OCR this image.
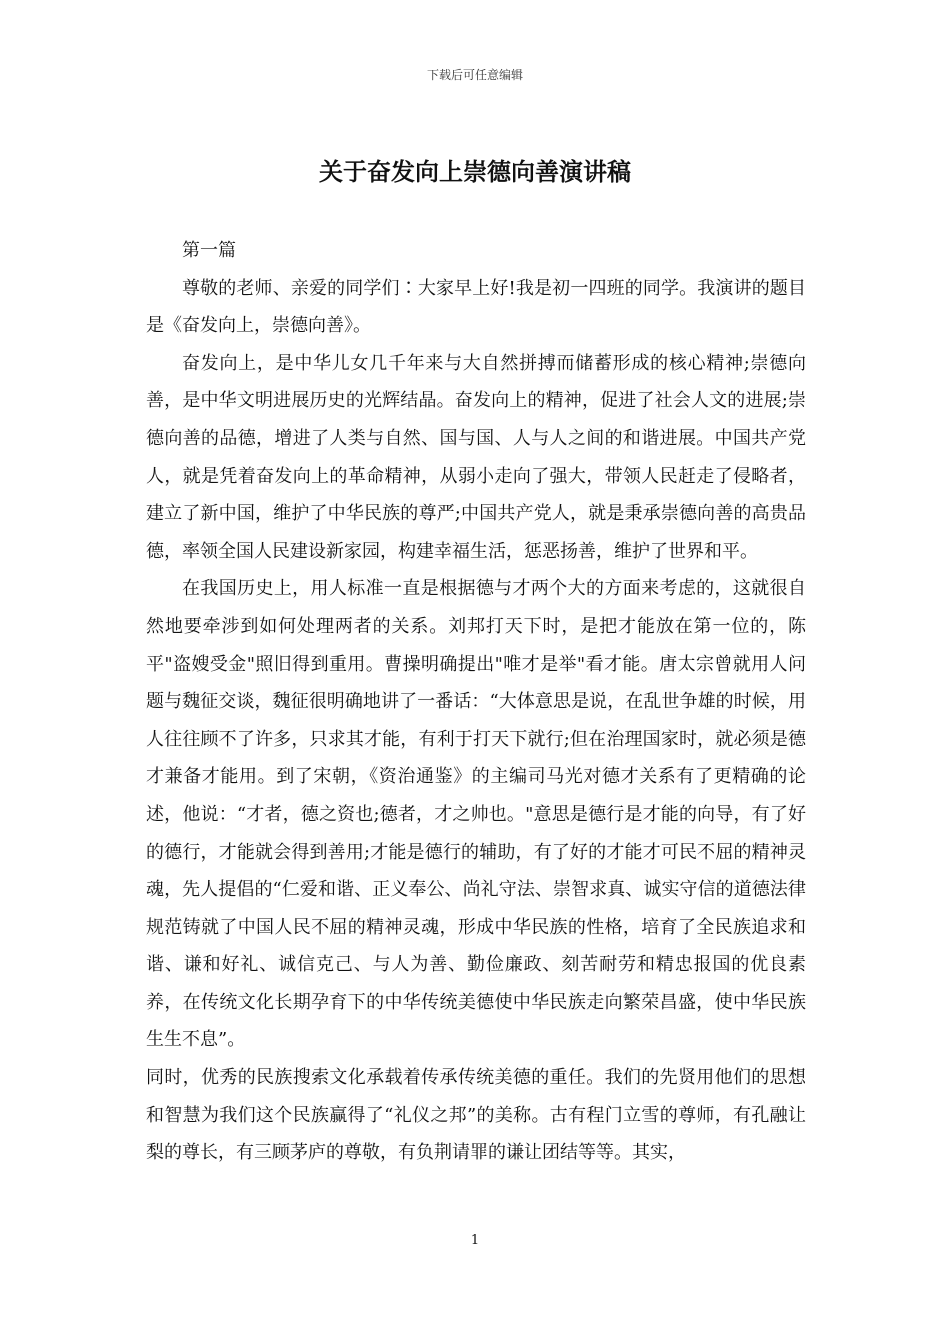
下载后可任意编辑
关于奋发向上崇德向善演讲稿

第一篇

尊敬的老师、亲爱的同学们∶大家早上好!我是初一四班的同学。我演讲的题目是《奋发向上，崇德向善》。

奋发向上，是中华儿女几千年来与大自然拼搏而储蓄形成的核心精神;崇德向善，是中华文明进展历史的光辉结晶。奋发向上的精神，促进了社会人文的进展;崇德向善的品德，增进了人类与自然、国与国、人与人之间的和谐进展。中国共产党人，就是凭着奋发向上的革命精神，从弱小走向了强大，带领人民赶走了侵略者，建立了新中国，维护了中华民族的尊严;中国共产党人，就是秉承崇德向善的高贵品德，率领全国人民建设新家园，构建幸福生活，惩恶扬善，维护了世界和平。

在我国历史上，用人标准一直是根据德与才两个大的方面来考虑的，这就很自然地要牵涉到如何处理两者的关系。刘邦打天下时，是把才能放在第一位的，陈平"盗嫂受金"照旧得到重用。曹操明确提出"唯才是举"看才能。唐太宗曾就用人问题与魏征交谈，魏征很明确地讲了一番话：“大体意思是说，在乱世争雄的时候，用人往往顾不了许多，只求其才能，有利于打天下就行;但在治理国家时，就必须是德才兼备才能用。到了宋朝，《资治通鉴》的主编司马光对德才关系有了更精确的论述，他说：“才者，德之资也;德者，才之帅也。"意思是德行是才能的向导，有了好的德行，才能就会得到善用;才能是德行的辅助，有了好的才能才可民不屈的精神灵魂，先人提倡的“仁爱和谐、正义奉公、尚礼守法、崇智求真、诚实守信的道德法律规范铸就了中国人民不屈的精神灵魂，形成中华民族的性格，培育了全民族追求和谐、谦和好礼、诚信克己、与人为善、勤俭廉政、刻苦耐劳和精忠报国的优良素养，在传统文化长期孕育下的中华传统美德使中华民族走向繁荣昌盛，使中华民族生生不息”。

同时，优秀的民族搜索文化承载着传承传统美德的重任。我们的先贤用他们的思想和智慧为我们这个民族赢得了“礼仪之邦”的美称。古有程门立雪的尊师，有孔融让梨的尊长，有三顾茅庐的尊敬，有负荆请罪的谦让团结等等。其实，

1
